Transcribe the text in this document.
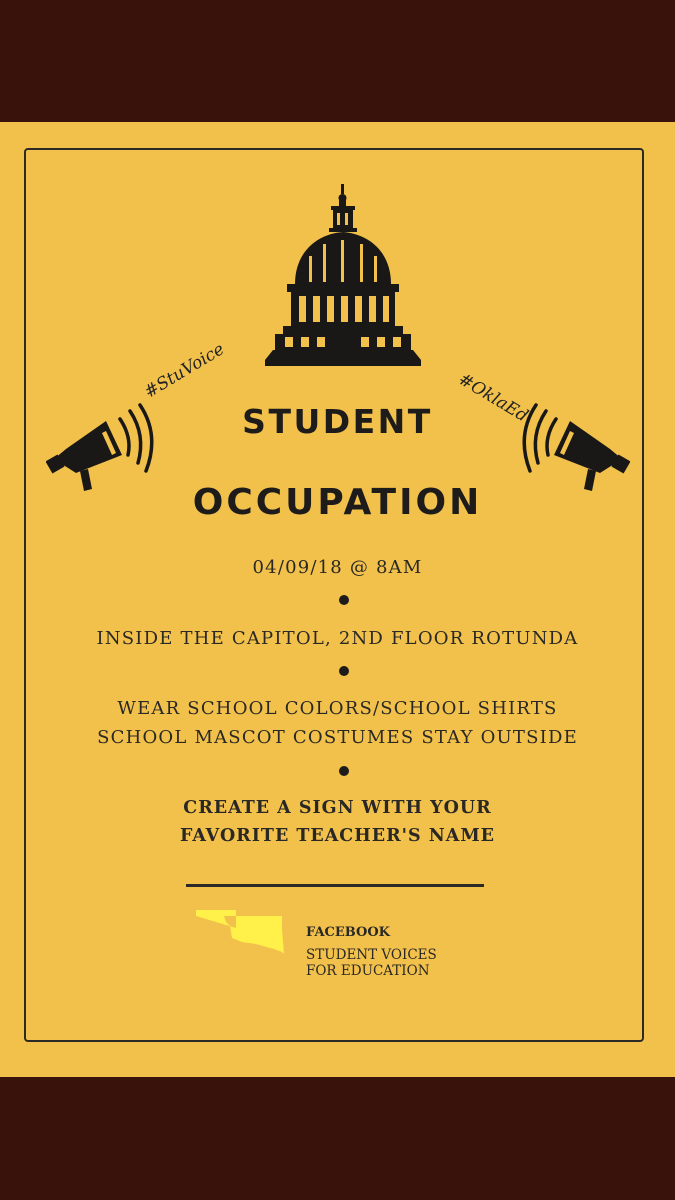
#StuVoice	#OklaEd
STUDENT
OCCUPATION
04/09/18 @ 8AM
INSIDE THE CAPITOL, 2ND FLOOR ROTUNDA
WEAR SCHOOL COLORS/SCHOOL SHIRTS
SCHOOL MASCOT COSTUMES STAY OUTSIDE
CREATE A SIGN WITH YOUR
FAVORITE TEACHER'S NAME
FACEBOOK
STUDENT VOICES
FOR EDUCATION
